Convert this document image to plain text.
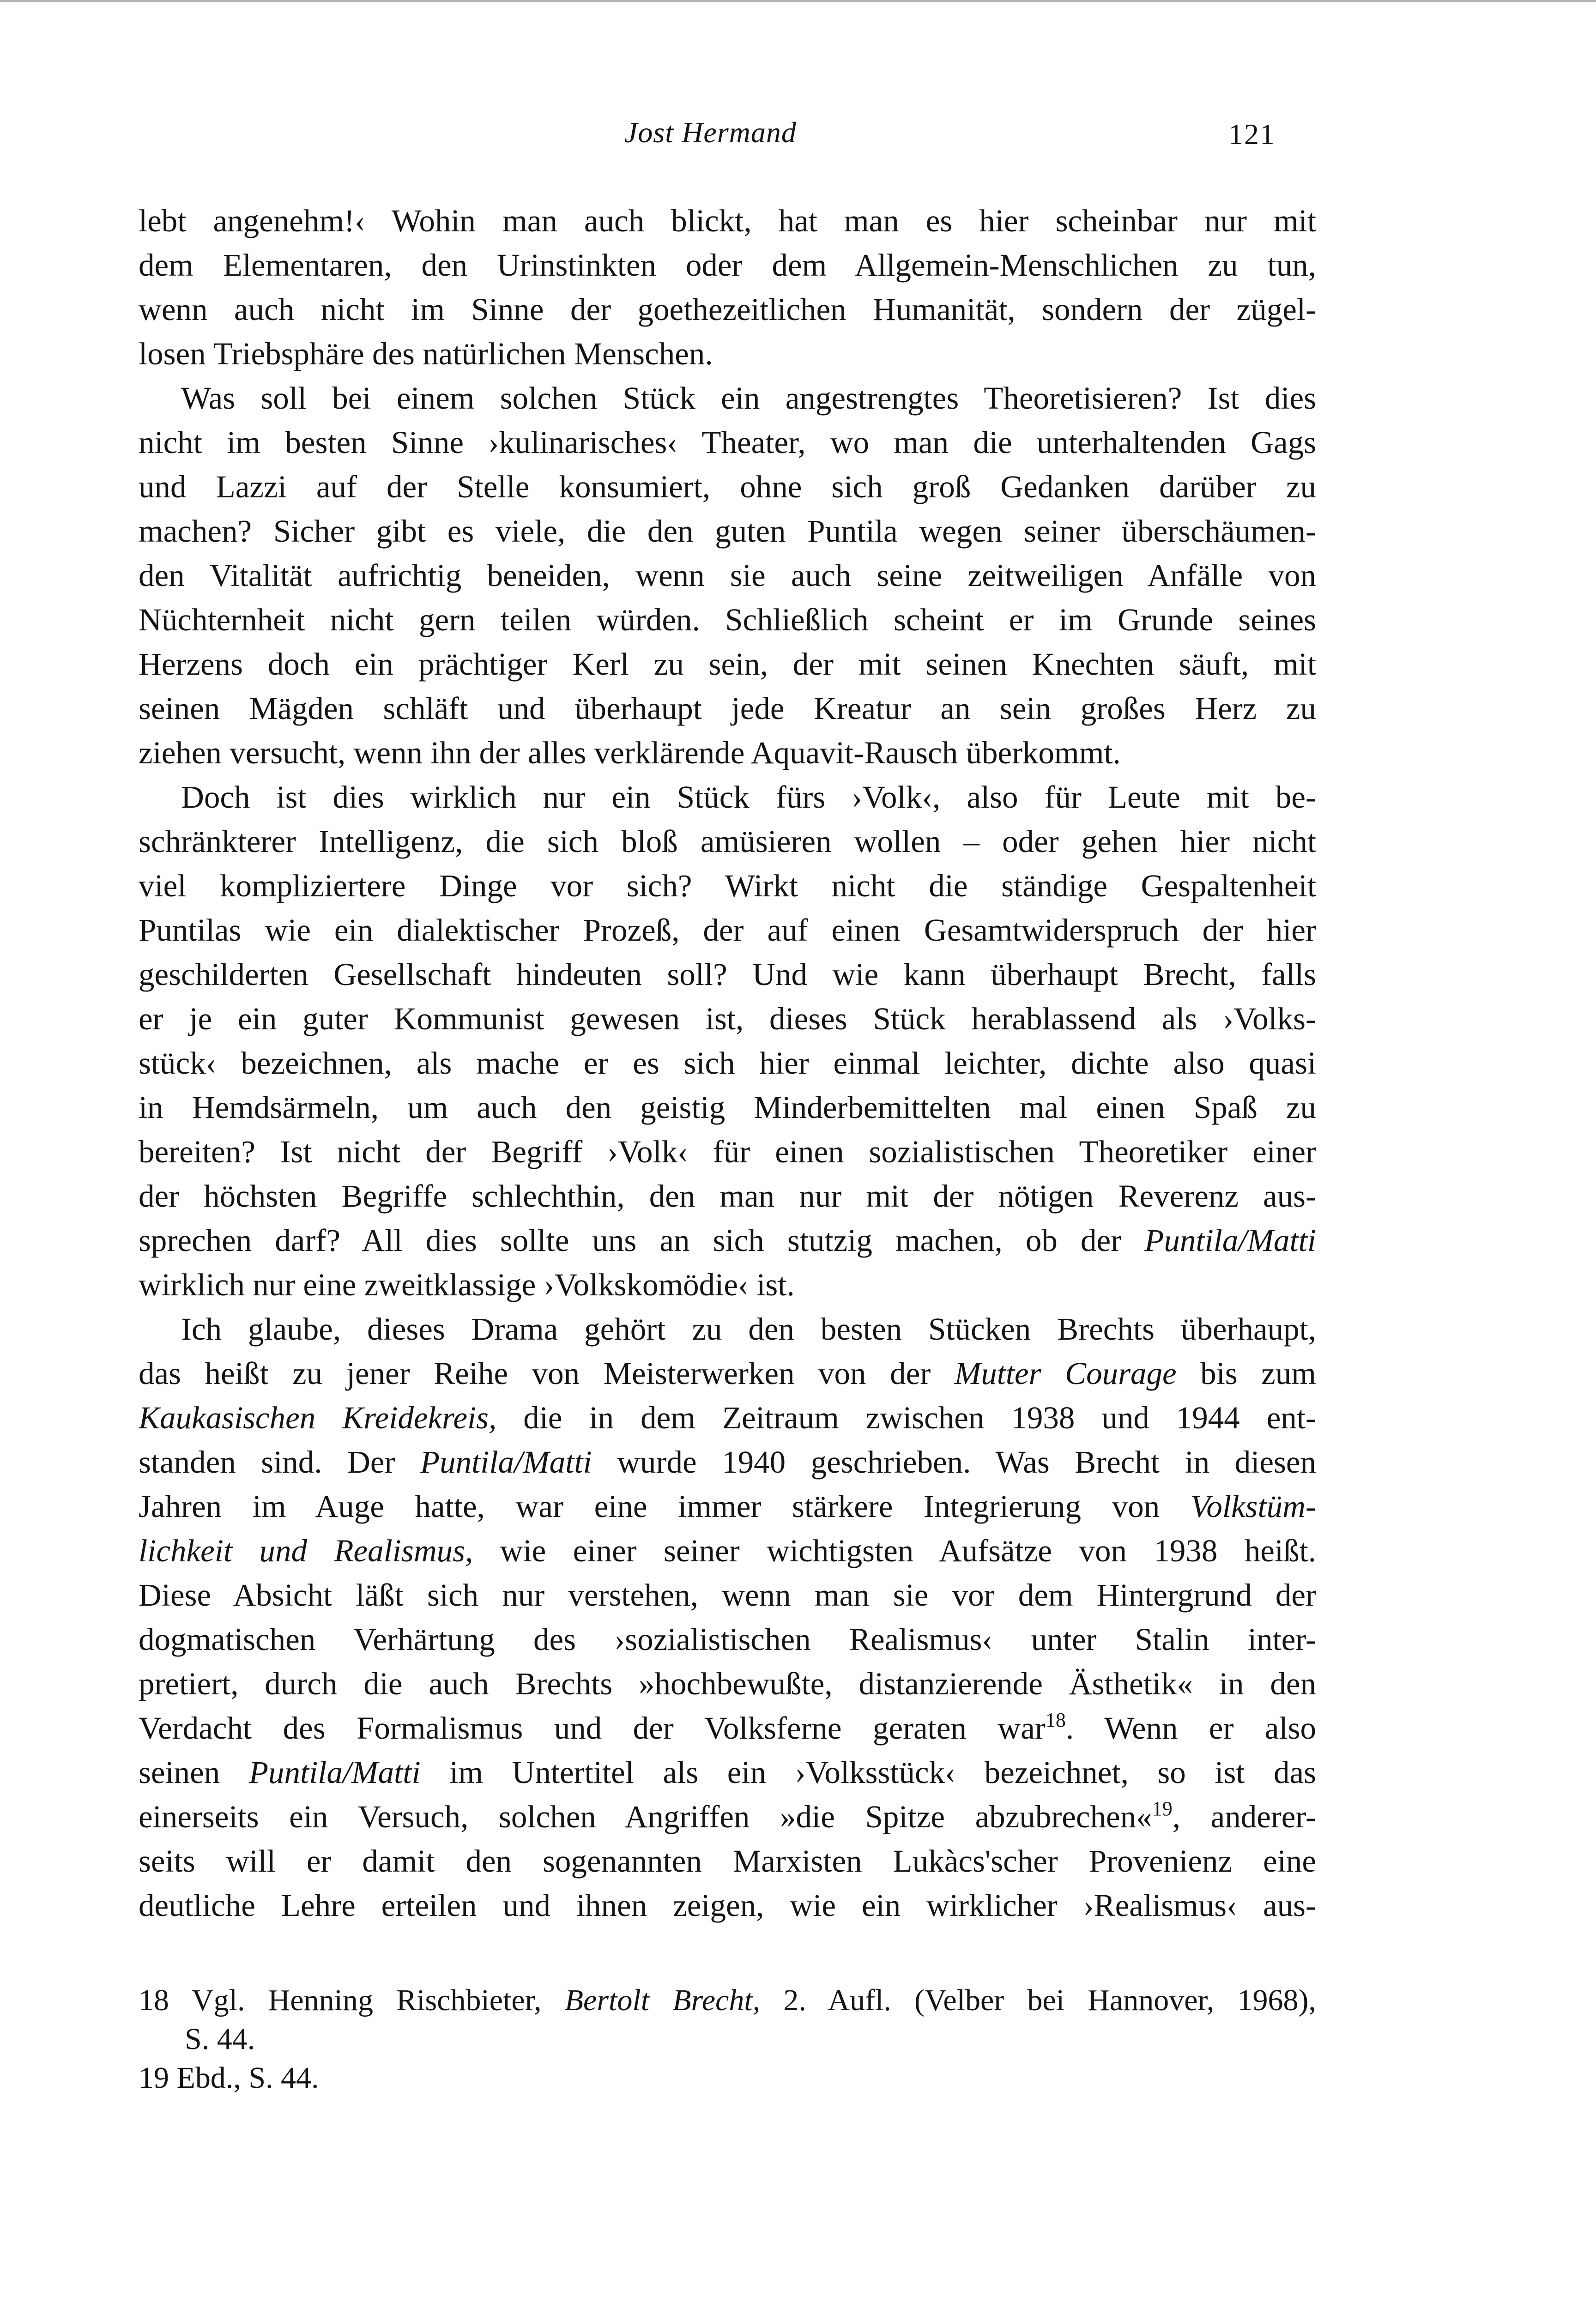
Jost Hermand	121
lebt angenehm!‹ Wohin man auch blickt, hat man es hier scheinbar nur mit
dem Elementaren, den Urinstinkten oder dem Allgemein-Menschlichen zu tun,
wenn auch nicht im Sinne der goethezeitlichen Humanität, sondern der zügel-
losen Triebsphäre des natürlichen Menschen.
Was soll bei einem solchen Stück ein angestrengtes Theoretisieren? Ist dies
nicht im besten Sinne ›kulinarisches‹ Theater, wo man die unterhaltenden Gags
und Lazzi auf der Stelle konsumiert, ohne sich groß Gedanken darüber zu
machen? Sicher gibt es viele, die den guten Puntila wegen seiner überschäumen-
den Vitalität aufrichtig beneiden, wenn sie auch seine zeitweiligen Anfälle von
Nüchternheit nicht gern teilen würden. Schließlich scheint er im Grunde seines
Herzens doch ein prächtiger Kerl zu sein, der mit seinen Knechten säuft, mit
seinen Mägden schläft und überhaupt jede Kreatur an sein großes Herz zu
ziehen versucht, wenn ihn der alles verklärende Aquavit-Rausch überkommt.
Doch ist dies wirklich nur ein Stück fürs ›Volk‹, also für Leute mit be-
schränkterer Intelligenz, die sich bloß amüsieren wollen – oder gehen hier nicht
viel kompliziertere Dinge vor sich? Wirkt nicht die ständige Gespaltenheit
Puntilas wie ein dialektischer Prozeß, der auf einen Gesamtwiderspruch der hier
geschilderten Gesellschaft hindeuten soll? Und wie kann überhaupt Brecht, falls
er je ein guter Kommunist gewesen ist, dieses Stück herablassend als ›Volks-
stück‹ bezeichnen, als mache er es sich hier einmal leichter, dichte also quasi
in Hemdsärmeln, um auch den geistig Minderbemittelten mal einen Spaß zu
bereiten? Ist nicht der Begriff ›Volk‹ für einen sozialistischen Theoretiker einer
der höchsten Begriffe schlechthin, den man nur mit der nötigen Reverenz aus-
sprechen darf? All dies sollte uns an sich stutzig machen, ob der Puntila/Matti
wirklich nur eine zweitklassige ›Volkskomödie‹ ist.
Ich glaube, dieses Drama gehört zu den besten Stücken Brechts überhaupt,
das heißt zu jener Reihe von Meisterwerken von der Mutter Courage bis zum
Kaukasischen Kreidekreis, die in dem Zeitraum zwischen 1938 und 1944 ent-
standen sind. Der Puntila/Matti wurde 1940 geschrieben. Was Brecht in diesen
Jahren im Auge hatte, war eine immer stärkere Integrierung von Volkstüm-
lichkeit und Realismus, wie einer seiner wichtigsten Aufsätze von 1938 heißt.
Diese Absicht läßt sich nur verstehen, wenn man sie vor dem Hintergrund der
dogmatischen Verhärtung des ›sozialistischen Realismus‹ unter Stalin inter-
pretiert, durch die auch Brechts »hochbewußte, distanzierende Ästhetik« in den
Verdacht des Formalismus und der Volksferne geraten war$^{18}$. Wenn er also
seinen Puntila/Matti im Untertitel als ein ›Volksstück‹ bezeichnet, so ist das
einerseits ein Versuch, solchen Angriffen »die Spitze abzubrechen«$^{19}$, anderer-
seits will er damit den sogenannten Marxisten Lukàcs'scher Provenienz eine
deutliche Lehre erteilen und ihnen zeigen, wie ein wirklicher ›Realismus‹ aus-
18 Vgl. Henning Rischbieter, Bertolt Brecht, 2. Aufl. (Velber bei Hannover, 1968),
S. 44.
19 Ebd., S. 44.
